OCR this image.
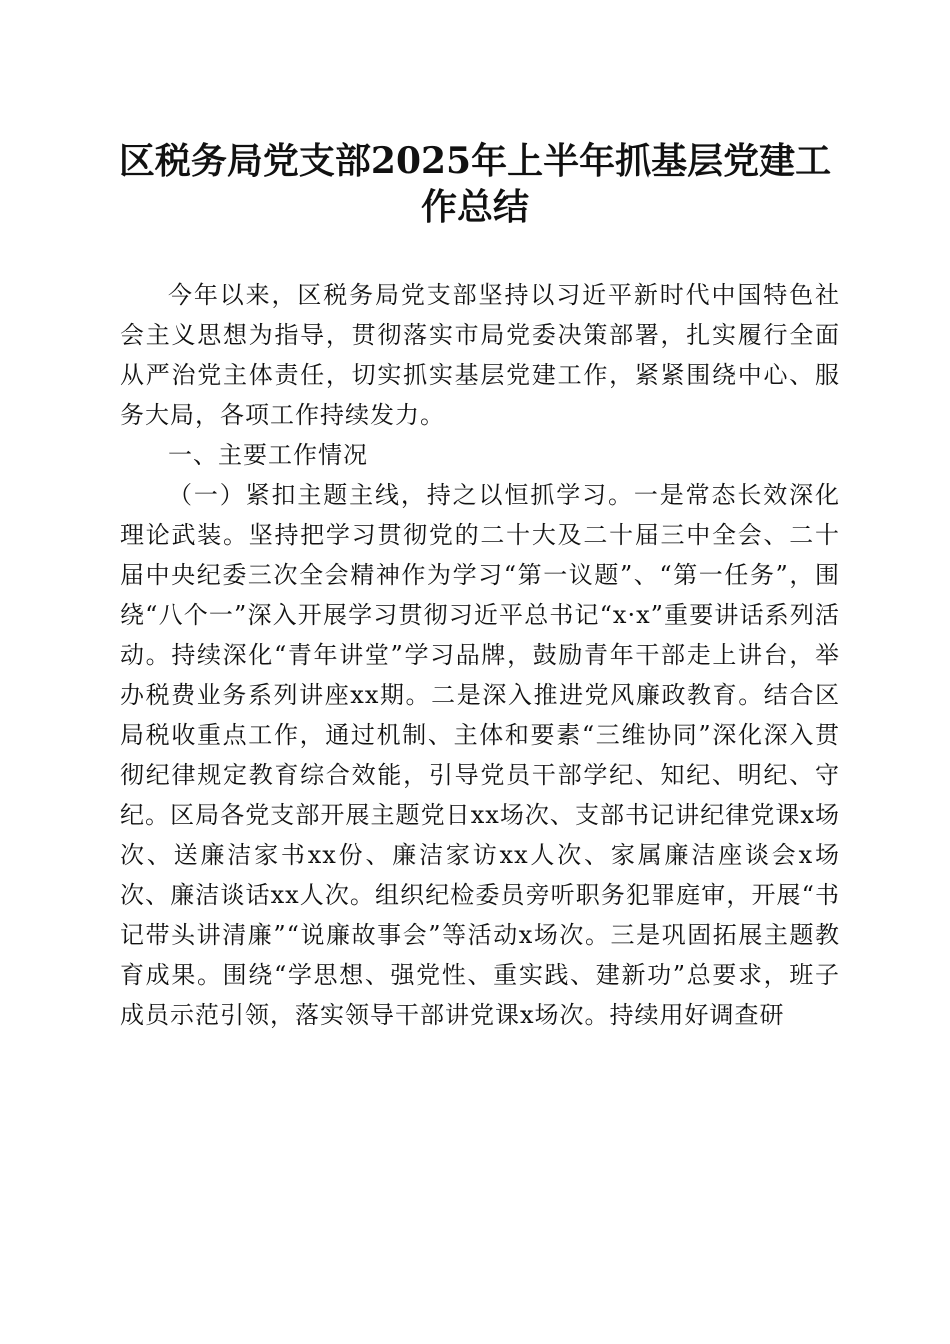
区税务局党支部2025年上半年抓基层党建工作总结

今年以来，区税务局党支部坚持以习近平新时代中国特色社会主义思想为指导，贯彻落实市局党委决策部署，扎实履行全面从严治党主体责任，切实抓实基层党建工作，紧紧围绕中心、服务大局，各项工作持续发力。

一、主要工作情况

（一）紧扣主题主线，持之以恒抓学习。一是常态长效深化理论武装。坚持把学习贯彻党的二十大及二十届三中全会、二十届中央纪委三次全会精神作为学习“第一议题”、“第一任务”，围绕“八个一”深入开展学习贯彻习近平总书记“x·x”重要讲话系列活动。持续深化“青年讲堂”学习品牌，鼓励青年干部走上讲台，举办税费业务系列讲座xx期。二是深入推进党风廉政教育。结合区局税收重点工作，通过机制、主体和要素“三维协同”深化深入贯彻纪律规定教育综合效能，引导党员干部学纪、知纪、明纪、守纪。区局各党支部开展主题党日xx场次、支部书记讲纪律党课x场次、送廉洁家书xx份、廉洁家访xx人次、家属廉洁座谈会x场次、廉洁谈话xx人次。组织纪检委员旁听职务犯罪庭审，开展“书记带头讲清廉”“说廉故事会”等活动x场次。三是巩固拓展主题教育成果。围绕“学思想、强党性、重实践、建新功”总要求，班子成员示范引领，落实领导干部讲党课x场次。持续用好调查研
